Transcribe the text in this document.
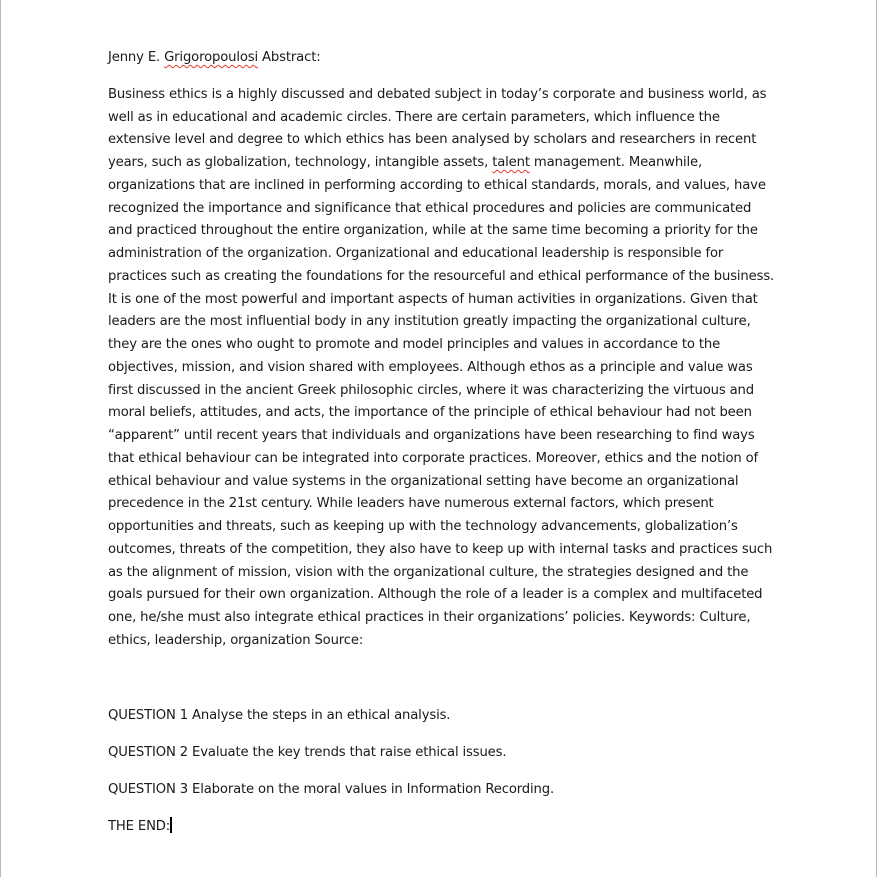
Jenny E. Grigoropoulosi Abstract:

Business ethics is a highly discussed and debated subject in today’s corporate and business world, as well as in educational and academic circles. There are certain parameters, which influence the extensive level and degree to which ethics has been analysed by scholars and researchers in recent years, such as globalization, technology, intangible assets, talent management. Meanwhile, organizations that are inclined in performing according to ethical standards, morals, and values, have recognized the importance and significance that ethical procedures and policies are communicated and practiced throughout the entire organization, while at the same time becoming a priority for the administration of the organization. Organizational and educational leadership is responsible for practices such as creating the foundations for the resourceful and ethical performance of the business. It is one of the most powerful and important aspects of human activities in organizations. Given that leaders are the most influential body in any institution greatly impacting the organizational culture, they are the ones who ought to promote and model principles and values in accordance to the objectives, mission, and vision shared with employees. Although ethos as a principle and value was first discussed in the ancient Greek philosophic circles, where it was characterizing the virtuous and moral beliefs, attitudes, and acts, the importance of the principle of ethical behaviour had not been “apparent” until recent years that individuals and organizations have been researching to find ways that ethical behaviour can be integrated into corporate practices. Moreover, ethics and the notion of ethical behaviour and value systems in the organizational setting have become an organizational precedence in the 21st century. While leaders have numerous external factors, which present opportunities and threats, such as keeping up with the technology advancements, globalization’s outcomes, threats of the competition, they also have to keep up with internal tasks and practices such as the alignment of mission, vision with the organizational culture, the strategies designed and the goals pursued for their own organization. Although the role of a leader is a complex and multifaceted one, he/she must also integrate ethical practices in their organizations’ policies. Keywords: Culture, ethics, leadership, organization Source:

QUESTION 1 Analyse the steps in an ethical analysis.

QUESTION 2 Evaluate the key trends that raise ethical issues.

QUESTION 3 Elaborate on the moral values in Information Recording.

THE END:
